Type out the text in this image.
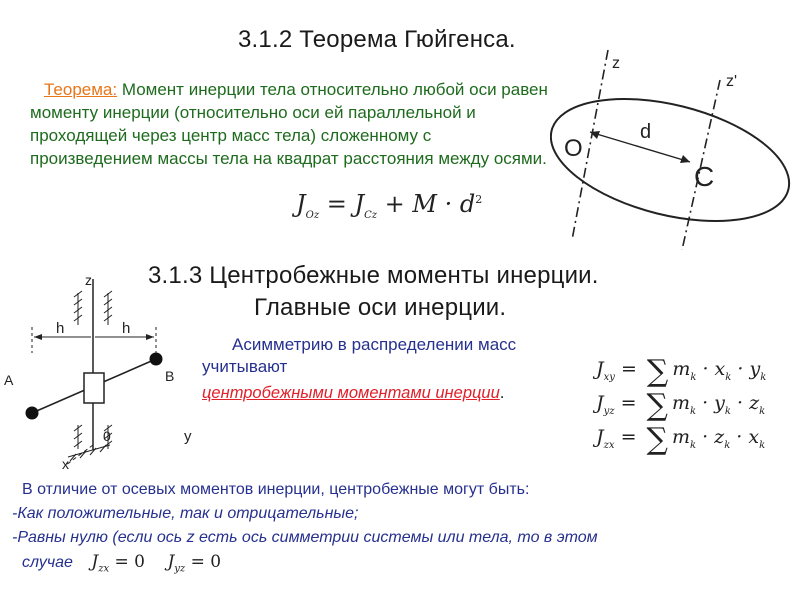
3.1.2 Теорема Гюйгенса.
Теорема: Момент инерции тела относительно любой оси равен моменту инерции (относительно оси ей параллельной и проходящей через центр масс тела) сложенному с произведением массы тела на квадрат расстояния между осями.
$J_{Oz} = J_{Cz} + M \cdot d^2$
z
z'
O
C
d
3.1.3 Центробежные моменты инерции.
Главные оси инерции.
Асимметрию в распределении масс
учитывают
центробежными моментами инерции.
z
h	h
A	B
0	y
x
$J_{xy}$ = ∑ $m_k \cdot x_k \cdot y_k$
$J_{yz}$ = ∑ $m_k \cdot y_k \cdot z_k$
$J_{zx}$ = ∑ $m_k \cdot z_k \cdot x_k$
В отличие от осевых моментов инерции, центробежные могут быть:
-Как положительные, так и отрицательные;
-Равны нулю (если ось z есть ось симметрии системы или тела, то в этом
случае $J_{zx} = 0$ $J_{yz} = 0$
